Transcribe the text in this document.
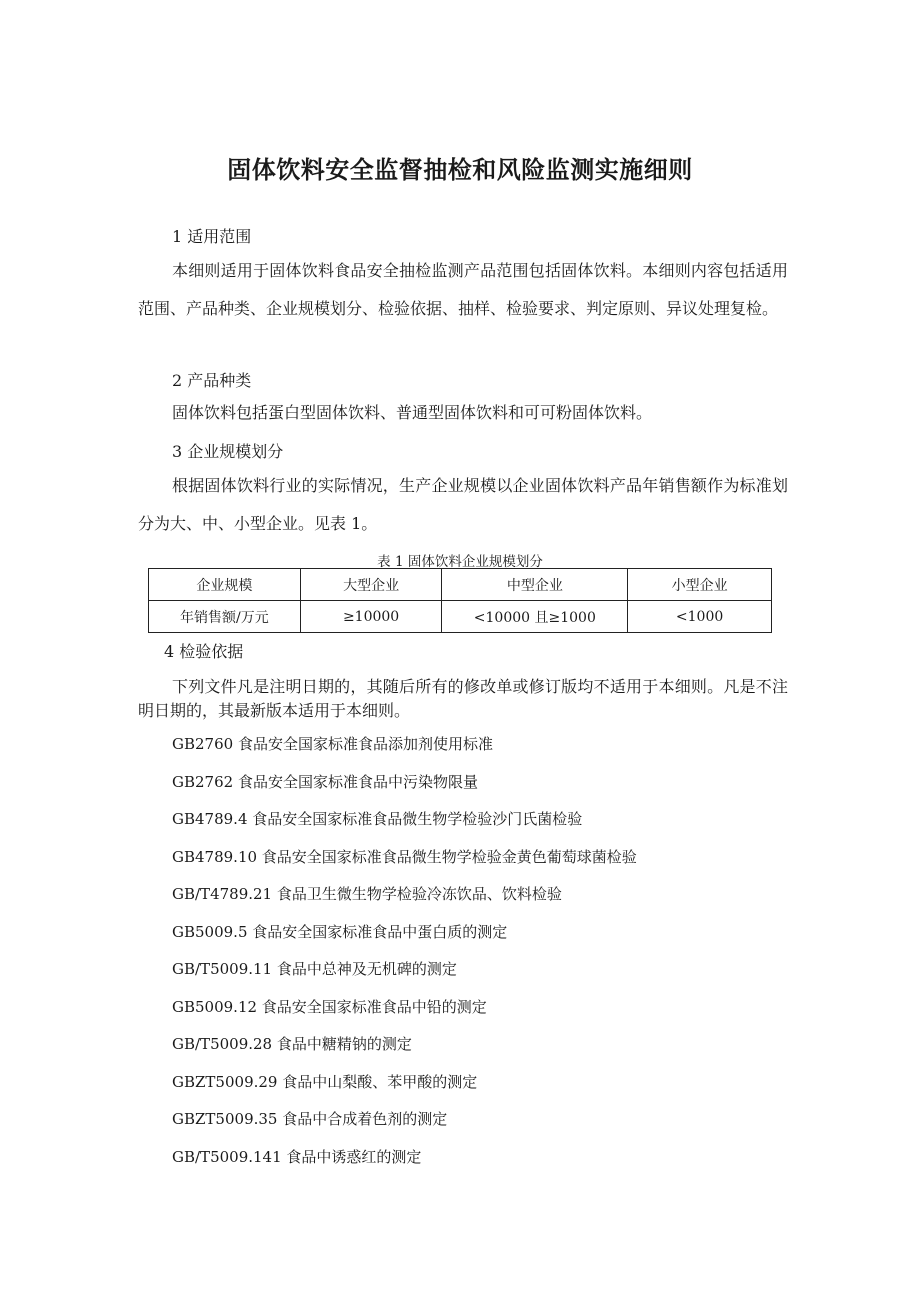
固体饮料安全监督抽检和风险监测实施细则
1 适用范围
本细则适用于固体饮料食品安全抽检监测产品范围包括固体饮料。本细则内容包括适用范围、产品种类、企业规模划分、检验依据、抽样、检验要求、判定原则、异议处理复检。
2 产品种类
固体饮料包括蛋白型固体饮料、普通型固体饮料和可可粉固体饮料。
3 企业规模划分
根据固体饮料行业的实际情况，生产企业规模以企业固体饮料产品年销售额作为标准划分为大、中、小型企业。见表 1。
表 1 固体饮料企业规模划分
企业规模	大型企业	中型企业	小型企业
年销售额/万元	≥10000	<10000 且≥1000	<1000
4 检验依据
下列文件凡是注明日期的，其随后所有的修改单或修订版均不适用于本细则。凡是不注明日期的，其最新版本适用于本细则。
GB2760 食品安全国家标准食品添加剂使用标准
GB2762 食品安全国家标准食品中污染物限量
GB4789.4 食品安全国家标准食品微生物学检验沙门氏菌检验
GB4789.10 食品安全国家标准食品微生物学检验金黄色葡萄球菌检验
GB/T4789.21 食品卫生微生物学检验冷冻饮品、饮料检验
GB5009.5 食品安全国家标准食品中蛋白质的测定
GB/T5009.11 食品中总神及无机碑的测定
GB5009.12 食品安全国家标准食品中铅的测定
GB/T5009.28 食品中糖精钠的测定
GBZT5009.29 食品中山梨酸、苯甲酸的测定
GBZT5009.35 食品中合成着色剂的测定
GB/T5009.141 食品中诱惑红的测定
